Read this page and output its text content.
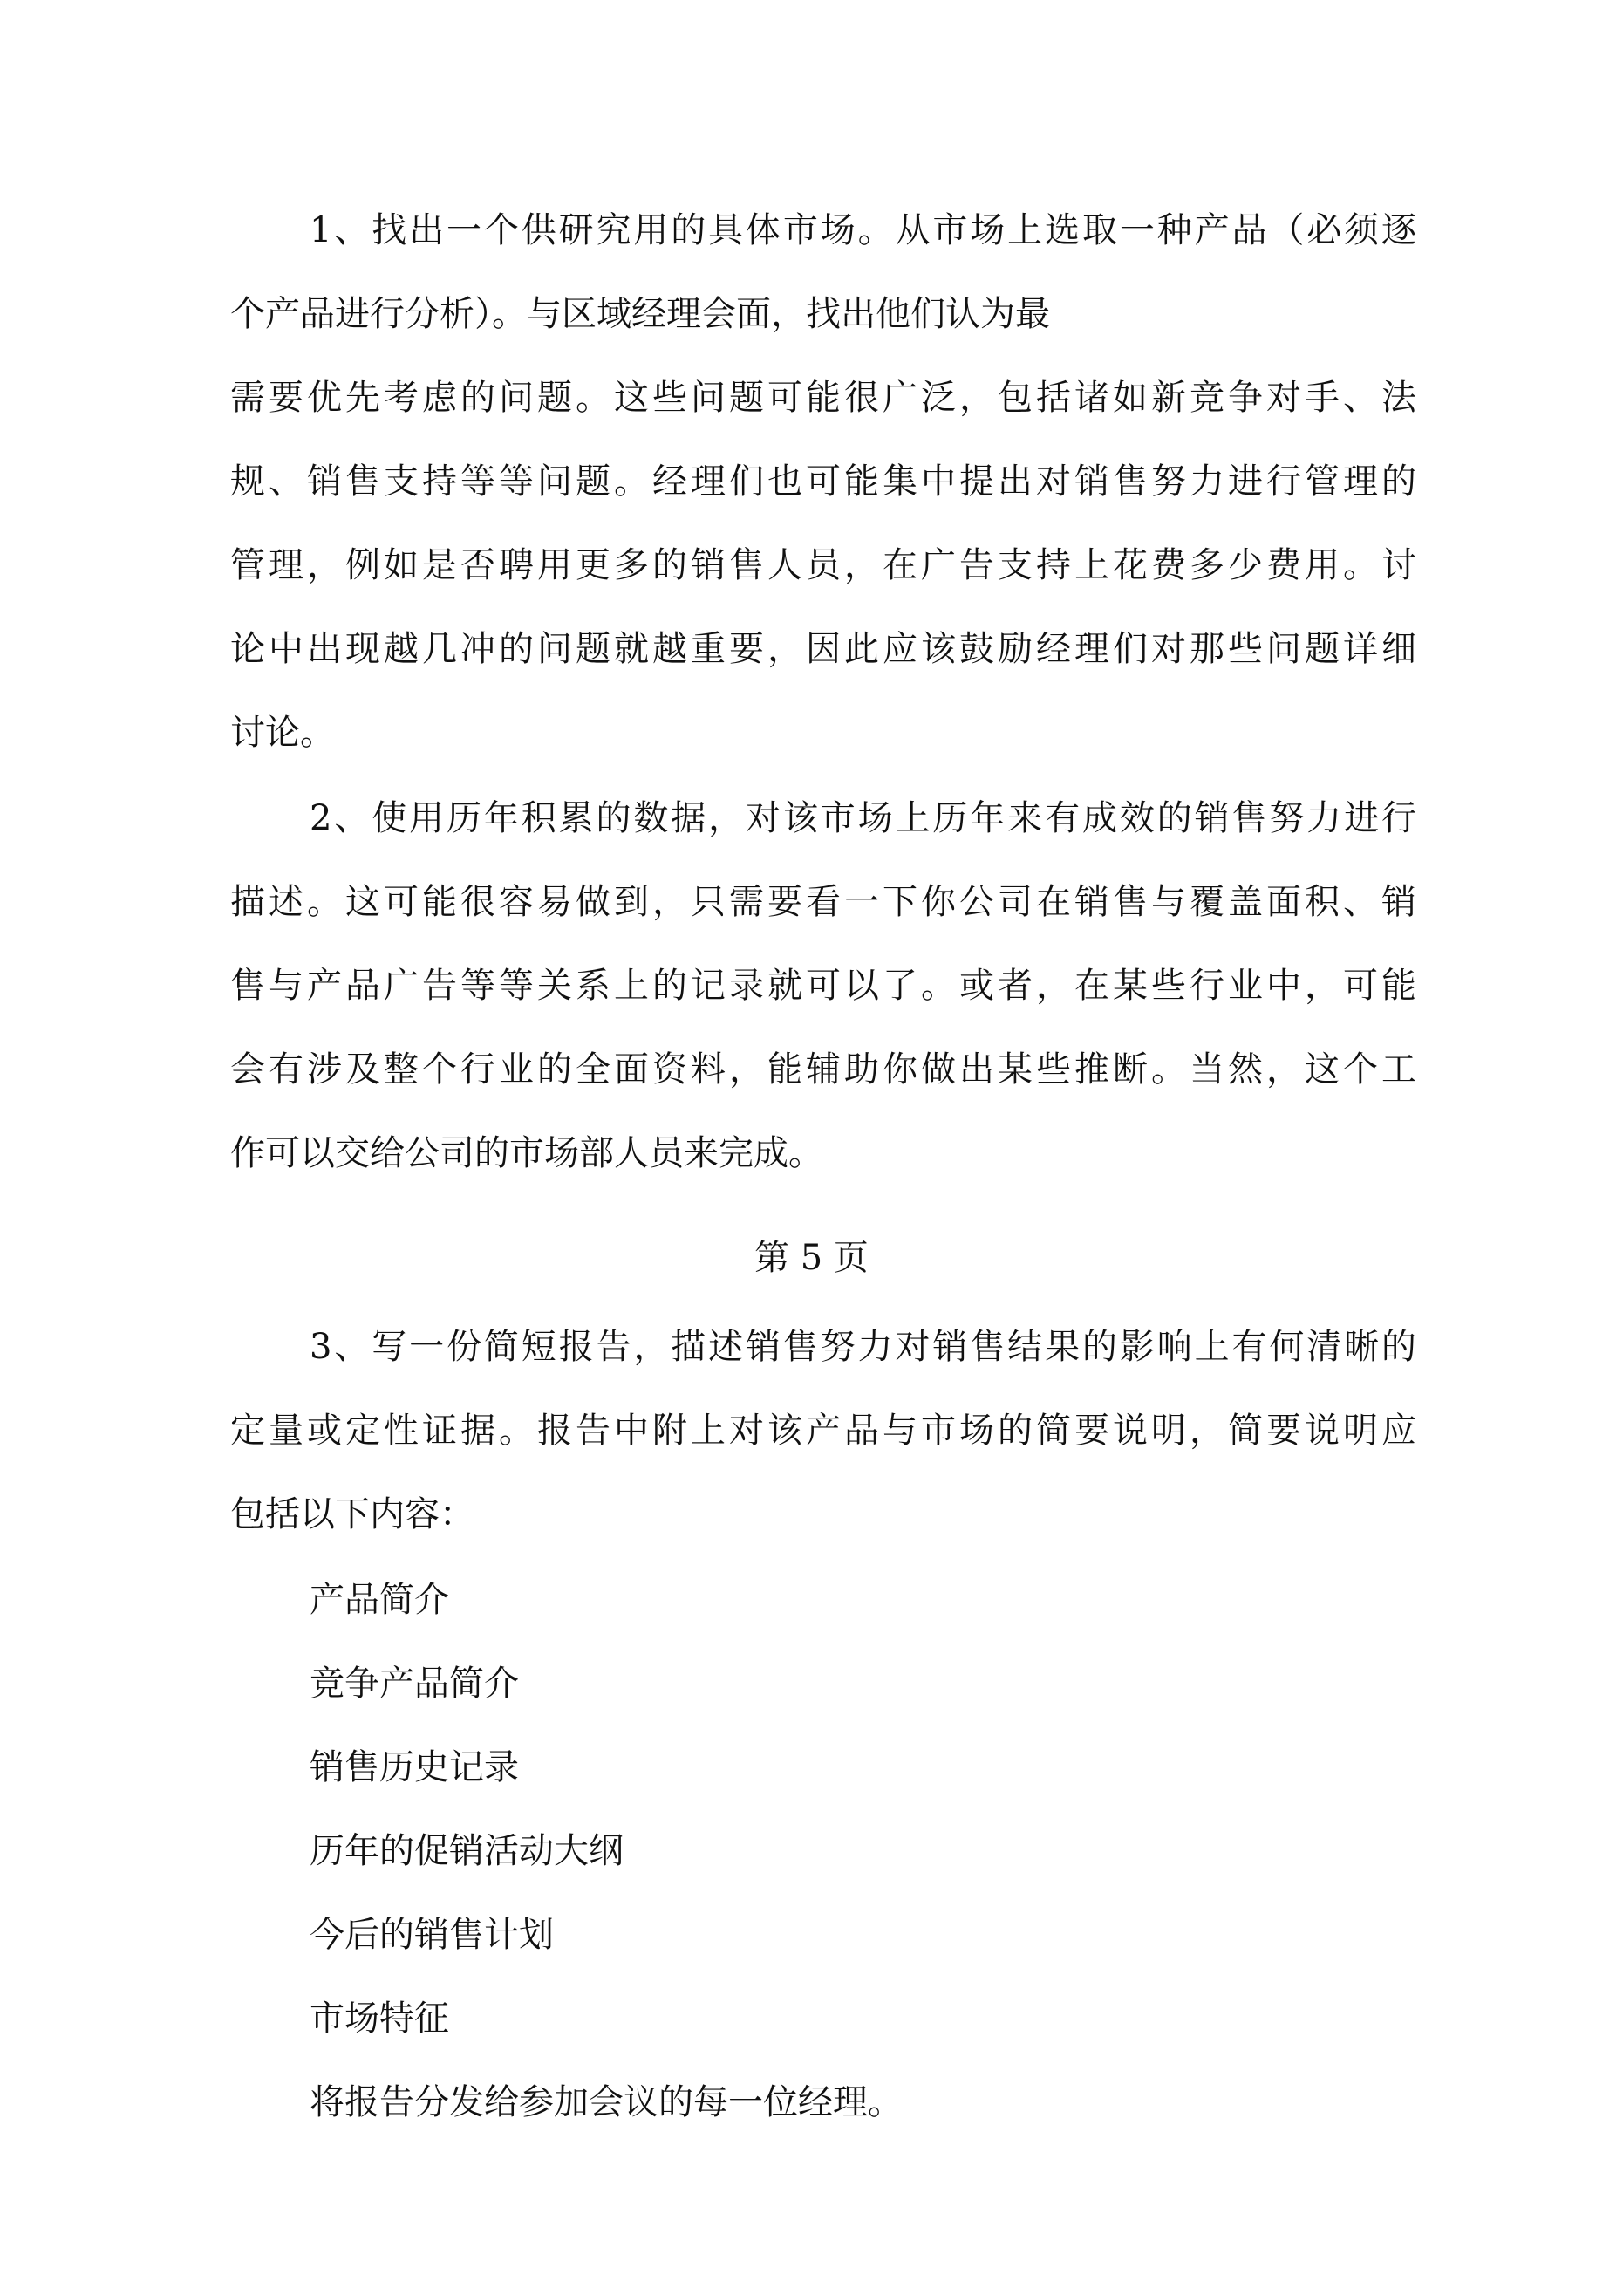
1、找出一个供研究用的具体市场。从市场上选取一种产品（必须逐

个产品进行分析）。与区域经理会面，找出他们认为最

需要优先考虑的问题。这些问题可能很广泛，包括诸如新竞争对手、法

规、销售支持等等问题。经理们也可能集中提出对销售努力进行管理的

管理，例如是否聘用更多的销售人员，在广告支持上花费多少费用。讨

论中出现越几冲的问题就越重要，因此应该鼓励经理们对那些问题详细

讨论。

2、使用历年积累的数据，对该市场上历年来有成效的销售努力进行

描述。这可能很容易做到，只需要看一下你公司在销售与覆盖面积、销

售与产品广告等等关系上的记录就可以了。或者，在某些行业中，可能

会有涉及整个行业的全面资料，能辅助你做出某些推断。当然，这个工

作可以交给公司的市场部人员来完成。

第 5 页

3、写一份简短报告，描述销售努力对销售结果的影响上有何清晰的

定量或定性证据。报告中附上对该产品与市场的简要说明，简要说明应

包括以下内容：

产品简介

竞争产品简介

销售历史记录

历年的促销活动大纲

今后的销售计划

市场特征

将报告分发给参加会议的每一位经理。
